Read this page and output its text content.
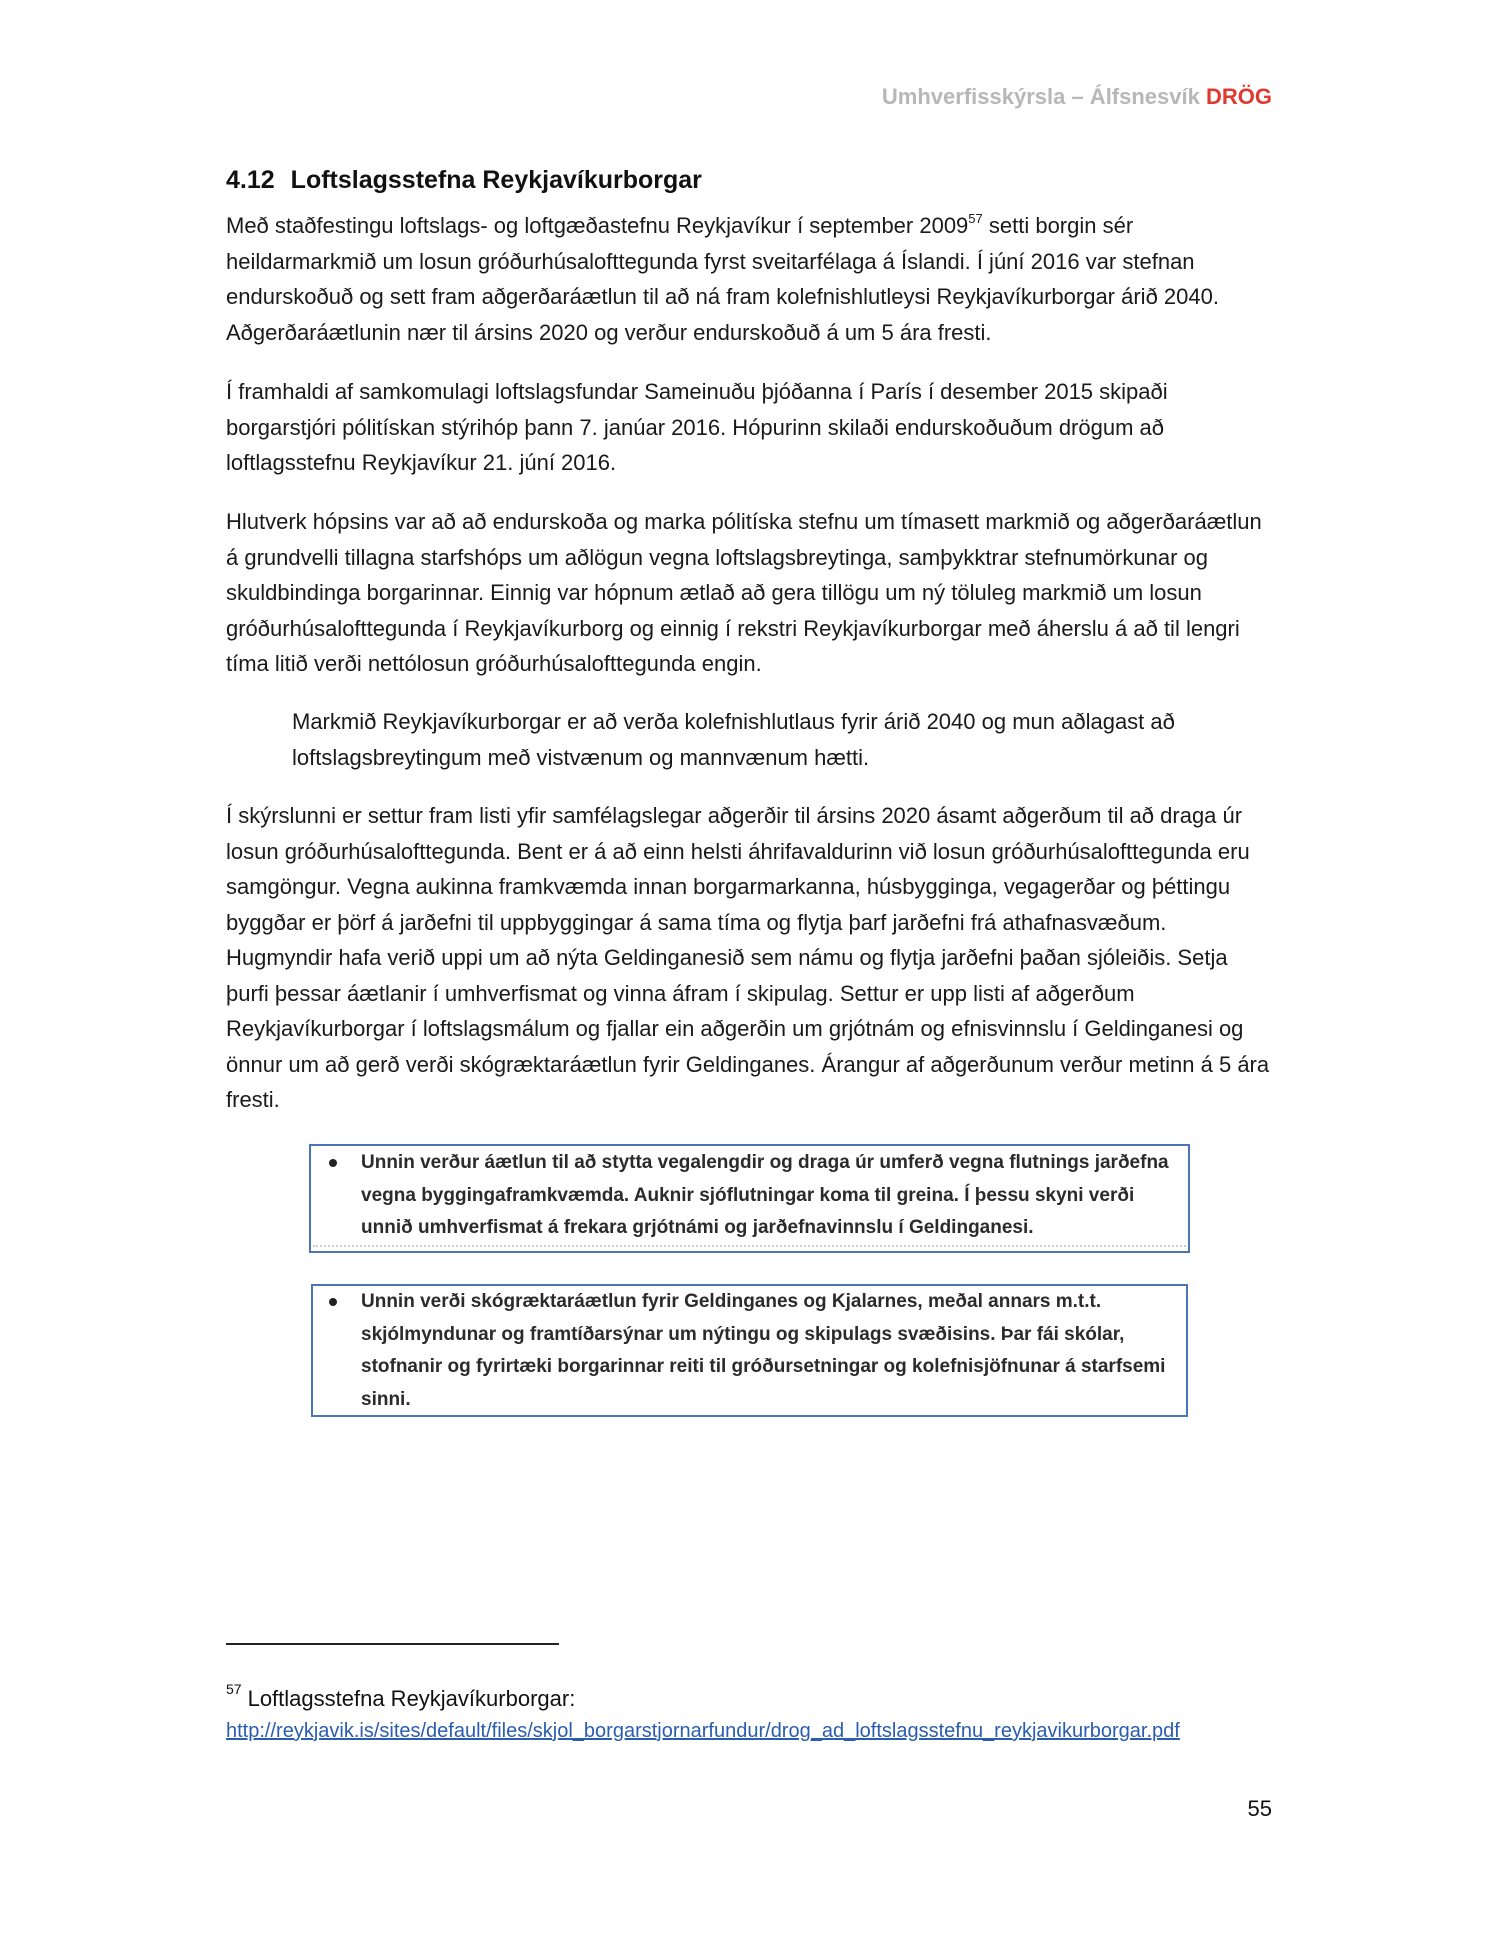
Umhverfisskýrsla – Álfsnesvík DRÖG
4.12 Loftslagsstefna Reykjavíkurborgar
Með staðfestingu loftslags- og loftgæðastefnu Reykjavíkur í september 2009$^{57}$ setti borgin sér heildarmarkmið um losun gróðurhúsalofttegunda fyrst sveitarfélaga á Íslandi. Í júní 2016 var stefnan endurskoðuð og sett fram aðgerðaráætlun til að ná fram kolefnishlutleysi Reykjavíkurborgar árið 2040. Aðgerðaráætlunin nær til ársins 2020 og verður endurskoðuð á um 5 ára fresti.
Í framhaldi af samkomulagi loftslagsfundar Sameinuðu þjóðanna í París í desember 2015 skipaði borgarstjóri pólitískan stýrihóp þann 7. janúar 2016. Hópurinn skilaði endurskoðuðum drögum að loftlagsstefnu Reykjavíkur 21. júní 2016.
Hlutverk hópsins var að að endurskoða og marka pólitíska stefnu um tímasett markmið og aðgerðaráætlun á grundvelli tillagna starfshóps um aðlögun vegna loftslagsbreytinga, samþykktrar stefnumörkunar og skuldbindinga borgarinnar. Einnig var hópnum ætlað að gera tillögu um ný töluleg markmið um losun gróðurhúsalofttegunda í Reykjavíkurborg og einnig í rekstri Reykjavíkurborgar með áherslu á að til lengri tíma litið verði nettólosun gróðurhúsalofttegunda engin.
Markmið Reykjavíkurborgar er að verða kolefnishlutlaus fyrir árið 2040 og mun aðlagast að loftslagsbreytingum með vistvænum og mannvænum hætti.
Í skýrslunni er settur fram listi yfir samfélagslegar aðgerðir til ársins 2020 ásamt aðgerðum til að draga úr losun gróðurhúsalofttegunda. Bent er á að einn helsti áhrifavaldurinn við losun gróðurhúsalofttegunda eru samgöngur. Vegna aukinna framkvæmda innan borgarmarkanna, húsbygginga, vegagerðar og þéttingu byggðar er þörf á jarðefni til uppbyggingar á sama tíma og flytja þarf jarðefni frá athafnasvæðum. Hugmyndir hafa verið uppi um að nýta Geldinganesið sem námu og flytja jarðefni þaðan sjóleiðis. Setja þurfi þessar áætlanir í umhverfismat og vinna áfram í skipulag. Settur er upp listi af aðgerðum Reykjavíkurborgar í loftslagsmálum og fjallar ein aðgerðin um grjótnám og efnisvinnslu í Geldinganesi og önnur um að gerð verði skógræktaráætlun fyrir Geldinganes. Árangur af aðgerðunum verður metinn á 5 ára fresti.
Unnin verður áætlun til að stytta vegalengdir og draga úr umferð vegna flutnings jarðefna vegna byggingaframkvæmda. Auknir sjóflutningar koma til greina. Í þessu skyni verði unnið umhverfismat á frekara grjótnámi og jarðefnavinnslu í Geldinganesi.
Unnin verði skógræktaráætlun fyrir Geldinganes og Kjalarnes, meðal annars m.t.t. skjólmyndunar og framtíðarsýnar um nýtingu og skipulags svæðisins. Þar fái skólar, stofnanir og fyrirtæki borgarinnar reiti til gróðursetningar og kolefnisjöfnunar á starfsemi sinni.
$^{57}$ Loftlagsstefna Reykjavíkurborgar:
http://reykjavik.is/sites/default/files/skjol_borgarstjornarfundur/drog_ad_loftslagsstefnu_reykjavikurborgar.pdf
55
